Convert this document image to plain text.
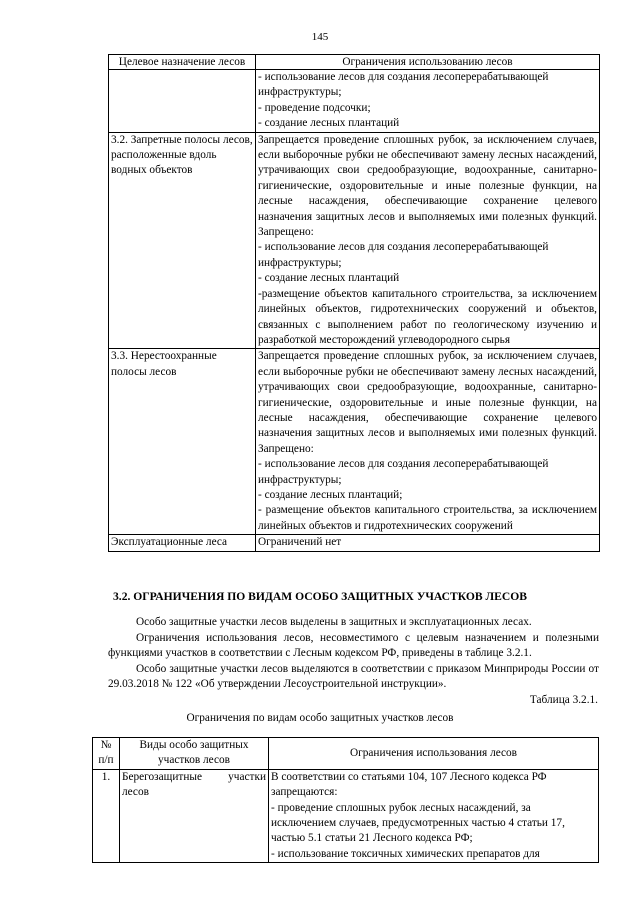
145
Целевое назначение лесов	Ограничения использованию лесов

	- использование лесов для создания лесоперерабатывающей инфраструктуры;
- проведение подсочки;
- создание лесных плантаций

3.2. Запретные полосы лесов, расположенные вдоль водных объектов	Запрещается проведение сплошных рубок, за исключением случаев, если выборочные рубки не обеспечивают замену лесных насаждений, утрачивающих свои средообразующие, водоохранные, санитарно-гигиенические, оздоровительные и иные полезные функции, на лесные насаждения, обеспечивающие сохранение целевого назначения защитных лесов и выполняемых ими полезных функций. Запрещено:
- использование лесов для создания лесоперерабатывающей инфраструктуры;
- создание лесных плантаций
-размещение объектов капитального строительства, за исключением линейных объектов, гидротехнических сооружений и объектов, связанных с выполнением работ по геологическому изучению и разработкой месторождений углеводородного сырья

3.3. Нерестоохранные полосы лесов	Запрещается проведение сплошных рубок, за исключением случаев, если выборочные рубки не обеспечивают замену лесных насаждений, утрачивающих свои средообразующие, водоохранные, санитарно-гигиенические, оздоровительные и иные полезные функции, на лесные насаждения, обеспечивающие сохранение целевого назначения защитных лесов и выполняемых ими полезных функций. Запрещено:
- использование лесов для создания лесоперерабатывающей инфраструктуры;
- создание лесных плантаций;
- размещение объектов капитального строительства, за исключением линейных объектов и гидротехнических сооружений

Эксплуатационные леса	Ограничений нет
3.2. ОГРАНИЧЕНИЯ ПО ВИДАМ ОСОБО ЗАЩИТНЫХ УЧАСТКОВ ЛЕСОВ
Особо защитные участки лесов выделены в защитных и эксплуатационных лесах.
Ограничения использования лесов, несовместимого с целевым назначением и полезными функциями участков в соответствии с Лесным кодексом РФ, приведены в таблице 3.2.1.
Особо защитные участки лесов выделяются в соответствии с приказом Минприроды России от 29.03.2018 № 122 «Об утверждении Лесоустроительной инструкции».
Таблица 3.2.1.
Ограничения по видам особо защитных участков лесов
№ п/п	Виды особо защитных участков лесов	Ограничения использования лесов
1.	Берегозащитные участки лесов	В соответствии со статьями 104, 107 Лесного кодекса РФ запрещаются:
- проведение сплошных рубок лесных насаждений, за исключением случаев, предусмотренных частью 4 статьи 17, частью 5.1 статьи 21 Лесного кодекса РФ;
- использование токсичных химических препаратов для
